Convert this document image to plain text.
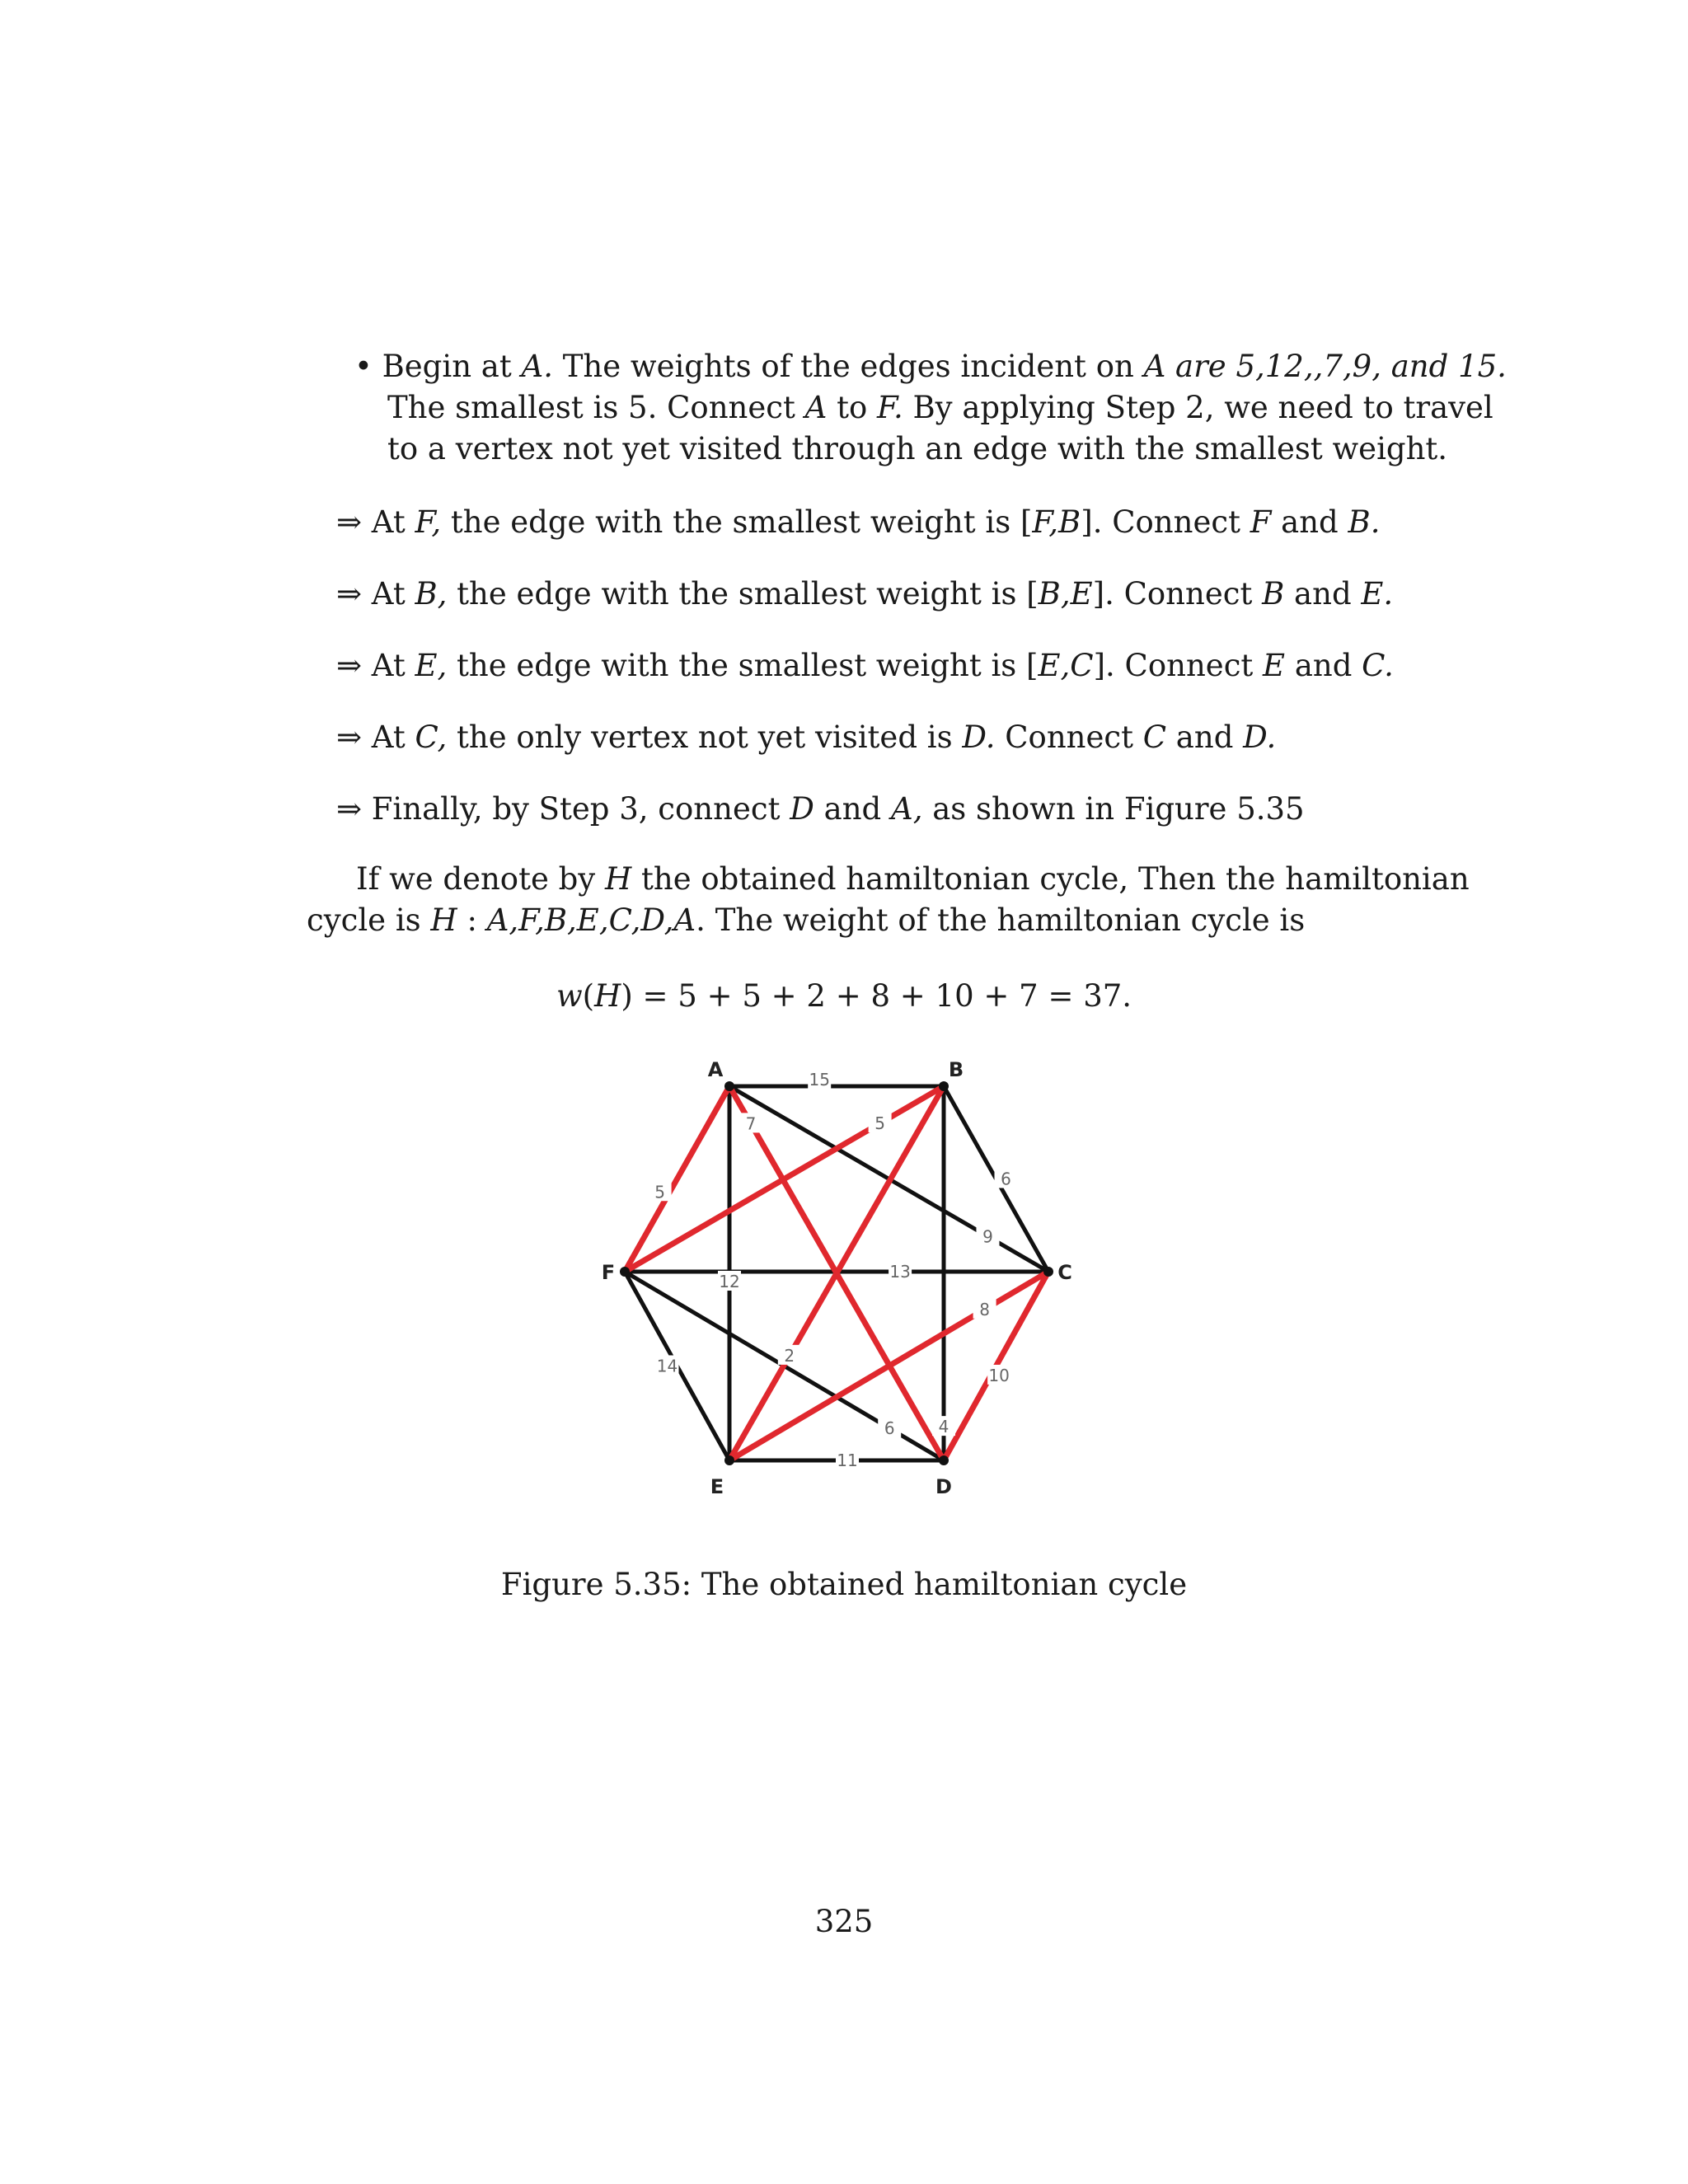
• Begin at A. The weights of the edges incident on A are 5,12,,7,9, and 15.
The smallest is 5. Connect A to F. By applying Step 2, we need to travel
to a vertex not yet visited through an edge with the smallest weight.
⇒ At F, the edge with the smallest weight is [F,B]. Connect F and B.
⇒ At B, the edge with the smallest weight is [B,E]. Connect B and E.
⇒ At E, the edge with the smallest weight is [E,C]. Connect E and C.
⇒ At C, the only vertex not yet visited is D. Connect C and D.
⇒ Finally, by Step 3, connect D and A, as shown in Figure 5.35
If we denote by H the obtained hamiltonian cycle, Then the hamiltonian
cycle is H : A,F,B,E,C,D,A. The weight of the hamiltonian cycle is
w(H) = 5 + 5 + 2 + 8 + 10 + 7 = 37.
15
9
12
6
4
13
14
6
11
5
5
2
8
10
7
A	B
C
D
E
F
Figure 5.35: The obtained hamiltonian cycle
325
